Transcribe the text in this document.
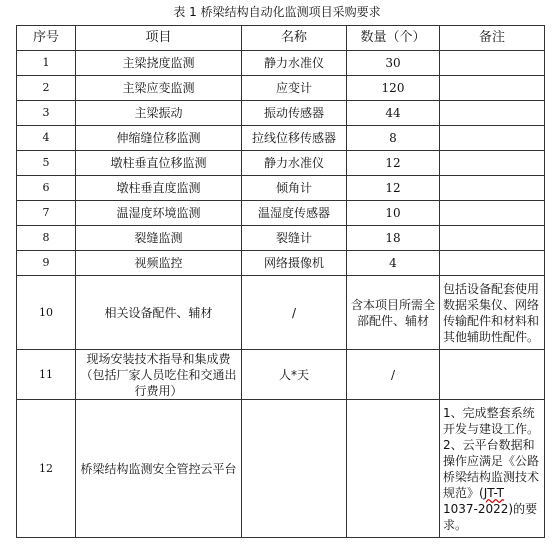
表 1 桥梁结构自动化监测项目采购要求
序号	项目	名称	数量（个）	备注
1	主梁挠度监测	静力水准仪	30	
2	主梁应变监测	应变计	120	
3	主梁振动	振动传感器	44	
4	伸缩缝位移监测	拉线位移传感器	8	
5	墩柱垂直位移监测	静力水准仪	12	
6	墩柱垂直度监测	倾角计	12	
7	温湿度环境监测	温湿度传感器	10	
8	裂缝监测	裂缝计	18	
9	视频监控	网络摄像机	4	
10	相关设备配件、辅材	/	含本项目所需全部配件、辅材	包括设备配套使用数据采集仪、网络传输配件和材料和其他辅助性配件。
11	现场安装技术指导和集成费（包括厂家人员吃住和交通出行费用）	人*天	/	
12	桥梁结构监测安全管控云平台			1、完成整套系统开发与建设工作。
2、云平台数据和操作应满足《公路桥梁结构监测技术规范》(JT-T 1037-2022)的要求。
